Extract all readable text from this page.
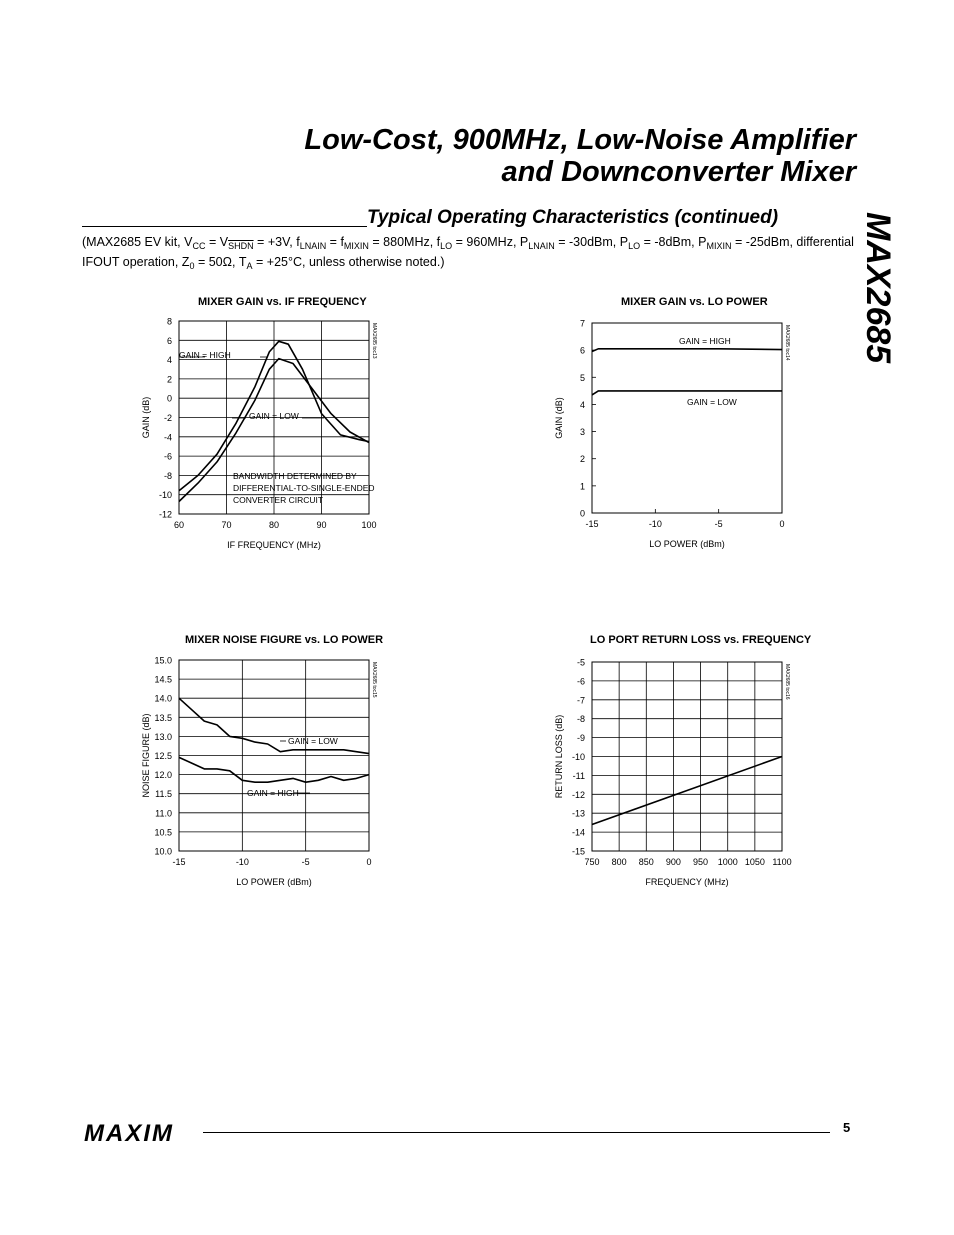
Low-Cost, 900MHz, Low-Noise Amplifier
and Downconverter Mixer
MAX2685
Typical Operating Characteristics (continued)
(MAX2685 EV kit, $V_{CC} = V_{SHDN} = +3V$, $f_{LNAIN} = f_{MIXIN} = 880MHz$, $f_{LO} = 960MHz$, $P_{LNAIN} = -30dBm$, $P_{LO} = -8dBm$, $P_{MIXIN} = -25dBm$, differential IFOUT operation, $Z_0 = 50\Omega$, $T_A = +25^\circ C$, unless otherwise noted.)
MIXER GAIN vs. IF FREQUENCY
8
6
4
2
0
-2
-4
-6
-8
-10
-12
60	70	80	90	100
IF FREQUENCY (MHz)
GAIN (dB)
MAX2685 toc13
GAIN = HIGH
GAIN = LOW
BANDWIDTH DETERMINED BY
DIFFERENTIAL-TO-SINGLE-ENDED
CONVERTER CIRCUIT
MIXER GAIN vs. LO POWER
7
6
5
4
3
2
1
0
-15	-10	-5	0
LO POWER (dBm)
GAIN (dB)
MAX2685 toc14
GAIN = HIGH
GAIN = LOW
MIXER NOISE FIGURE vs. LO POWER
15.0
14.5
14.0
13.5
13.0
12.5
12.0
11.5
11.0
10.5
10.0
-15	-10	-5	0
LO POWER (dBm)
NOISE FIGURE (dB)
MAX2685 toc15
GAIN = LOW
GAIN = HIGH
LO PORT RETURN LOSS vs. FREQUENCY
-5
-6
-7
-8
-9
-10
-11
-12
-13
-14
-15
750 800 850 900 950 1000 1050 1100
FREQUENCY (MHz)
RETURN LOSS (dB)
MAX2685 toc16
MAXIM	5
